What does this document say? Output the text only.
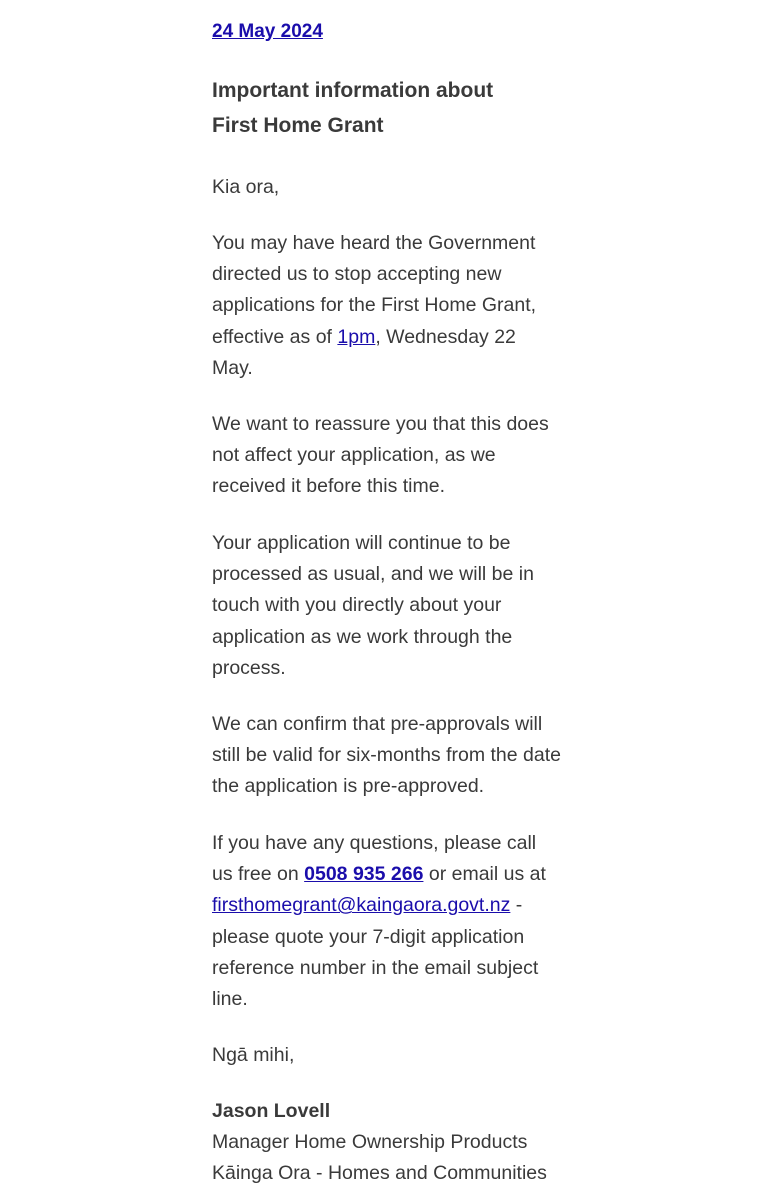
24 May 2024
Important information about
First Home Grant

Kia ora,

You may have heard the Government directed us to stop accepting new applications for the First Home Grant, effective as of 1pm, Wednesday 22 May.

We want to reassure you that this does not affect your application, as we received it before this time.

Your application will continue to be processed as usual, and we will be in touch with you directly about your application as we work through the process.

We can confirm that pre-approvals will still be valid for six-months from the date the application is pre-approved.

If you have any questions, please call us free on 0508 935 266 or email us at firsthomegrant@kaingaora.govt.nz - please quote your 7-digit application reference number in the email subject line.

Ngā mihi,

Jason Lovell
Manager Home Ownership Products
Kāinga Ora - Homes and Communities
